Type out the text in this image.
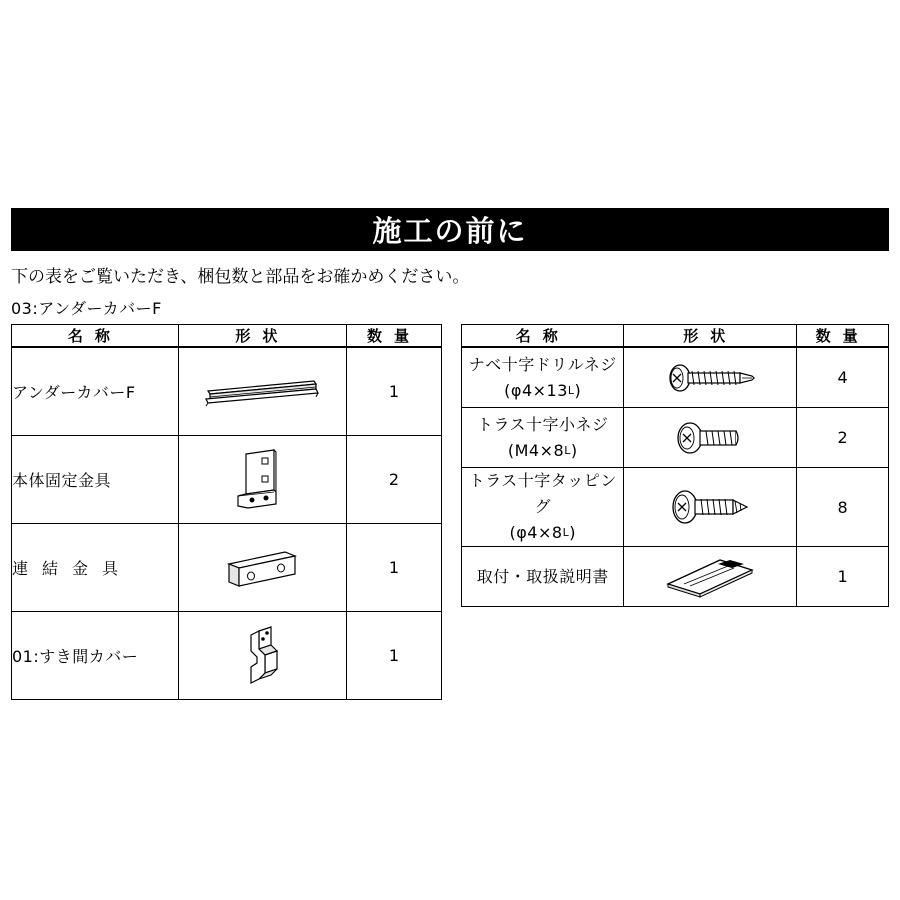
施工の前に
下の表をご覧いただき、梱包数と部品をお確かめください。
03:アンダーカバーF
名称	形状	数量
アンダーカバーF		1
本体固定金具		2
連結金具		1
01:すき間カバー		1
名称	形状	数量

ナベ十字ドリルネジ
$(\varphi 4\times 13^L)$		4

トラス十字小ネジ
$(M4\times 8^L)$		2

トラス十字タッピング
$(\varphi 4\times 8^L)$		8
取付・取扱説明書		1
